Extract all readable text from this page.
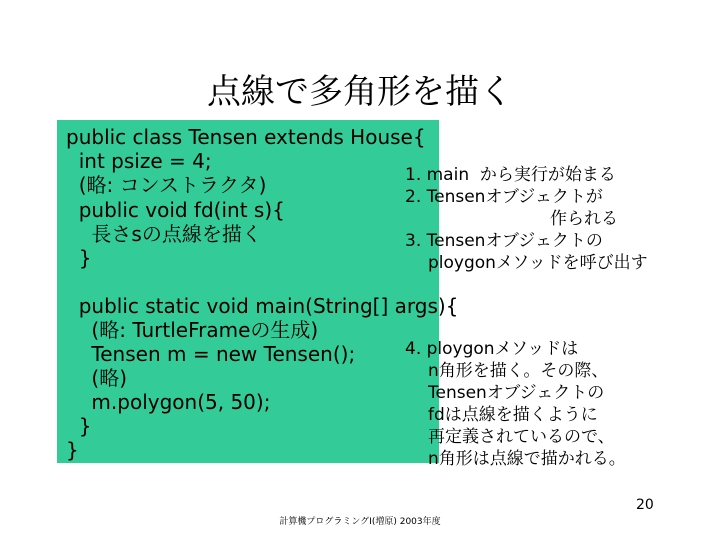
点線で多角形を描く
public class Tensen extends House{
int psize = 4;
(略: コンストラクタ)
public void fd(int s){
長さsの点線を描く
}
public static void main(String[] args){
(略: TurtleFrameの生成)
Tensen m = new Tensen();
(略)
m.polygon(5, 50);
}
}
1. main  から実行が始まる
2. Tensenオブジェクトが
作られる
3. Tensenオブジェクトの
ploygonメソッドを呼び出す
4. ploygonメソッドは
n角形を描く。その際、
Tensenオブジェクトの
fdは点線を描くように
再定義されているので、
n角形は点線で描かれる。
20
計算機プログラミングI(増原) 2003年度
